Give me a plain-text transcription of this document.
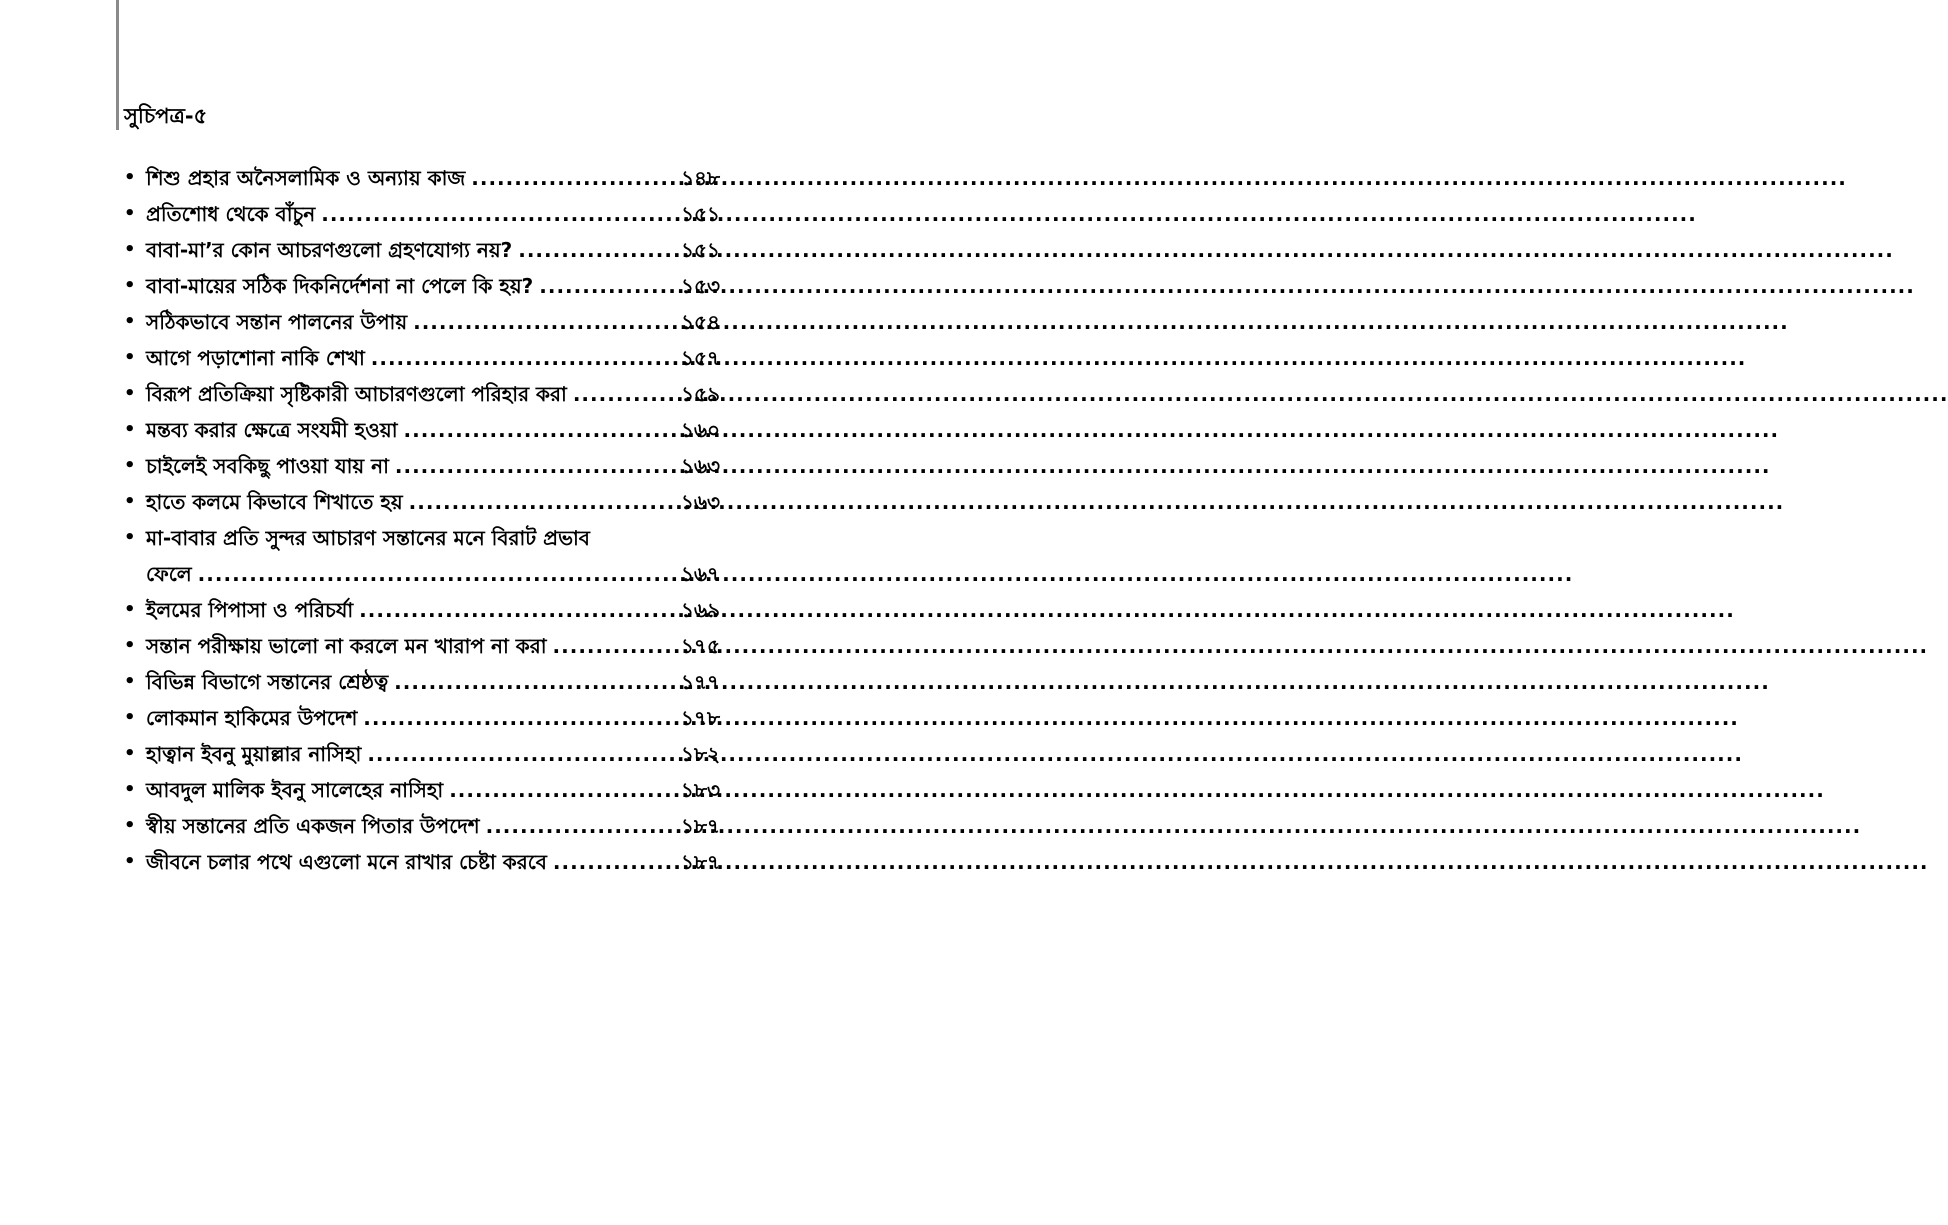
সুচিপত্র-৫
• শিশু প্রহার অনৈসলামিক ও অন্যায় কাজ .....	১৪৮
• প্রতিশোধ থেকে বাঁচুন .....	১৫১
• বাবা-মা’র কোন আচরণগুলো গ্রহণযোগ্য নয়? .....	১৫১
• বাবা-মায়ের সঠিক দিকনির্দেশনা না পেলে কি হয়? .....	১৫৩
• সঠিকভাবে সন্তান পালনের উপায় .....	১৫৪
• আগে পড়াশোনা নাকি শেখা .....	১৫৭
• বিরূপ প্রতিক্রিয়া সৃষ্টিকারী আচারণগুলো পরিহার করা .....	১৫৯
• মন্তব্য করার ক্ষেত্রে সংযমী হওয়া .....	১৬০
• চাইলেই সবকিছু পাওয়া যায় না .....	১৬৩
• হাতে কলমে কিভাবে শিখাতে হয় .....	১৬৩
• মা-বাবার প্রতি সুন্দর আচারণ সন্তানের মনে বিরাট প্রভাব
ফেলে .....	১৬৭
• ইলমের পিপাসা ও পরিচর্যা .....	১৬৯
• সন্তান পরীক্ষায় ভালো না করলে মন খারাপ না করা .....	১৭৫
• বিভিন্ন বিভাগে সন্তানের শ্রেষ্ঠত্ব .....	১৭৭
• লোকমান হাকিমের উপদেশ .....	১৭৮
• হাত্বান ইবনু মুয়াল্লার নাসিহা .....	১৮২
• আবদুল মালিক ইবনু সালেহের নাসিহা .....	১৮৩
• স্বীয় সন্তানের প্রতি একজন পিতার উপদেশ .....	১৮৭
• জীবনে চলার পথে এগুলো মনে রাখার চেষ্টা করবে .....	১৮৭
